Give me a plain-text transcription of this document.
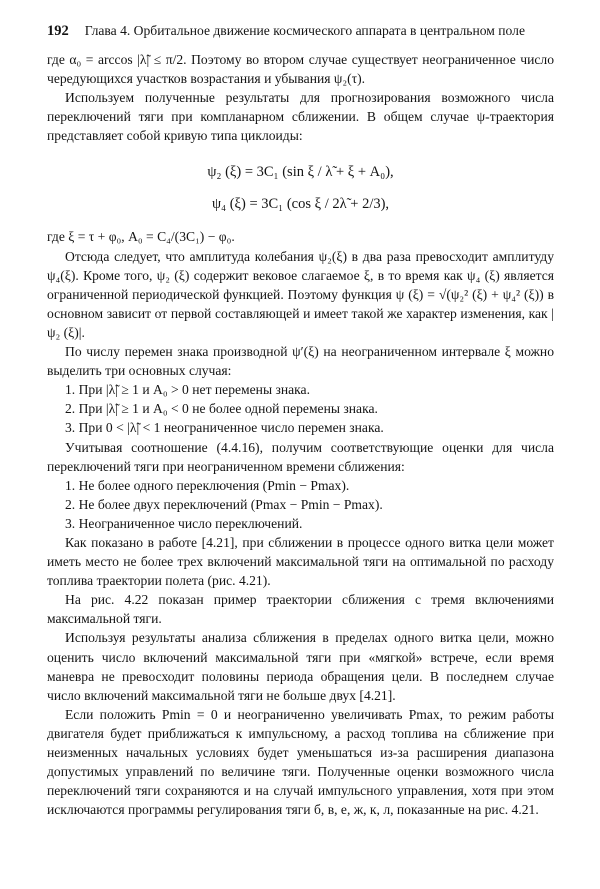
192 Глава 4. Орбитальное движение космического аппарата в центральном поле

где α₀ = arccos |λ̃| ≤ π/2. Поэтому во втором случае существует неограниченное число чередующихся участков возрастания и убывания ψ₂(τ).

Используем полученные результаты для прогнозирования возможного числа переключений тяги при компланарном сближении. В общем случае ψ-траектория представляет собой кривую типа циклоиды:

ψ₂ (ξ) = 3C₁ (sin ξ / λ̃ + ξ + A₀),
ψ₄ (ξ) = 3C₁ (cos ξ / 2λ̃ + 2/3),

где ξ = τ + φ₀, A₀ = C₄/(3C₁) − φ₀.

Отсюда следует, что амплитуда колебания ψ₂(ξ) в два раза превосходит амплитуду ψ₄(ξ). Кроме того, ψ₂ (ξ) содержит вековое слагаемое ξ, в то время как ψ₄ (ξ) является ограниченной периодической функцией. Поэтому функция ψ (ξ) = √(ψ₂² (ξ) + ψ₄² (ξ)) в основном зависит от первой составляющей и имеет такой же характер изменения, как |ψ₂ (ξ)|.

По числу перемен знака производной ψ′(ξ) на неограниченном интервале ξ можно выделить три основных случая:

1. При |λ̃| ≥ 1 и A₀ > 0 нет перемены знака.
2. При |λ̃| ≥ 1 и A₀ < 0 не более одной перемены знака.
3. При 0 < |λ̃| < 1 неограниченное число перемен знака.

Учитывая соотношение (4.4.16), получим соответствующие оценки для числа переключений тяги при неограниченном времени сближения:

1. Не более одного переключения (Pmin − Pmax).
2. Не более двух переключений (Pmax − Pmin − Pmax).
3. Неограниченное число переключений.

Как показано в работе [4.21], при сближении в процессе одного витка цели может иметь место не более трех включений максимальной тяги на оптимальной по расходу топлива траектории полета (рис. 4.21).

На рис. 4.22 показан пример траектории сближения с тремя включениями максимальной тяги.

Используя результаты анализа сближения в пределах одного витка цели, можно оценить число включений максимальной тяги при «мягкой» встрече, если время маневра не превосходит половины периода обращения цели. В последнем случае число включений максимальной тяги не больше двух [4.21].

Если положить Pmin = 0 и неограниченно увеличивать Pmax, то режим работы двигателя будет приближаться к импульсному, а расход топлива на сближение при неизменных начальных условиях будет уменьшаться из-за расширения диапазона допустимых управлений по величине тяги. Полученные оценки возможного числа переключений тяги сохраняются и на случай импульсного управления, хотя при этом исключаются программы регулирования тяги б, в, е, ж, к, л, показанные на рис. 4.21.
